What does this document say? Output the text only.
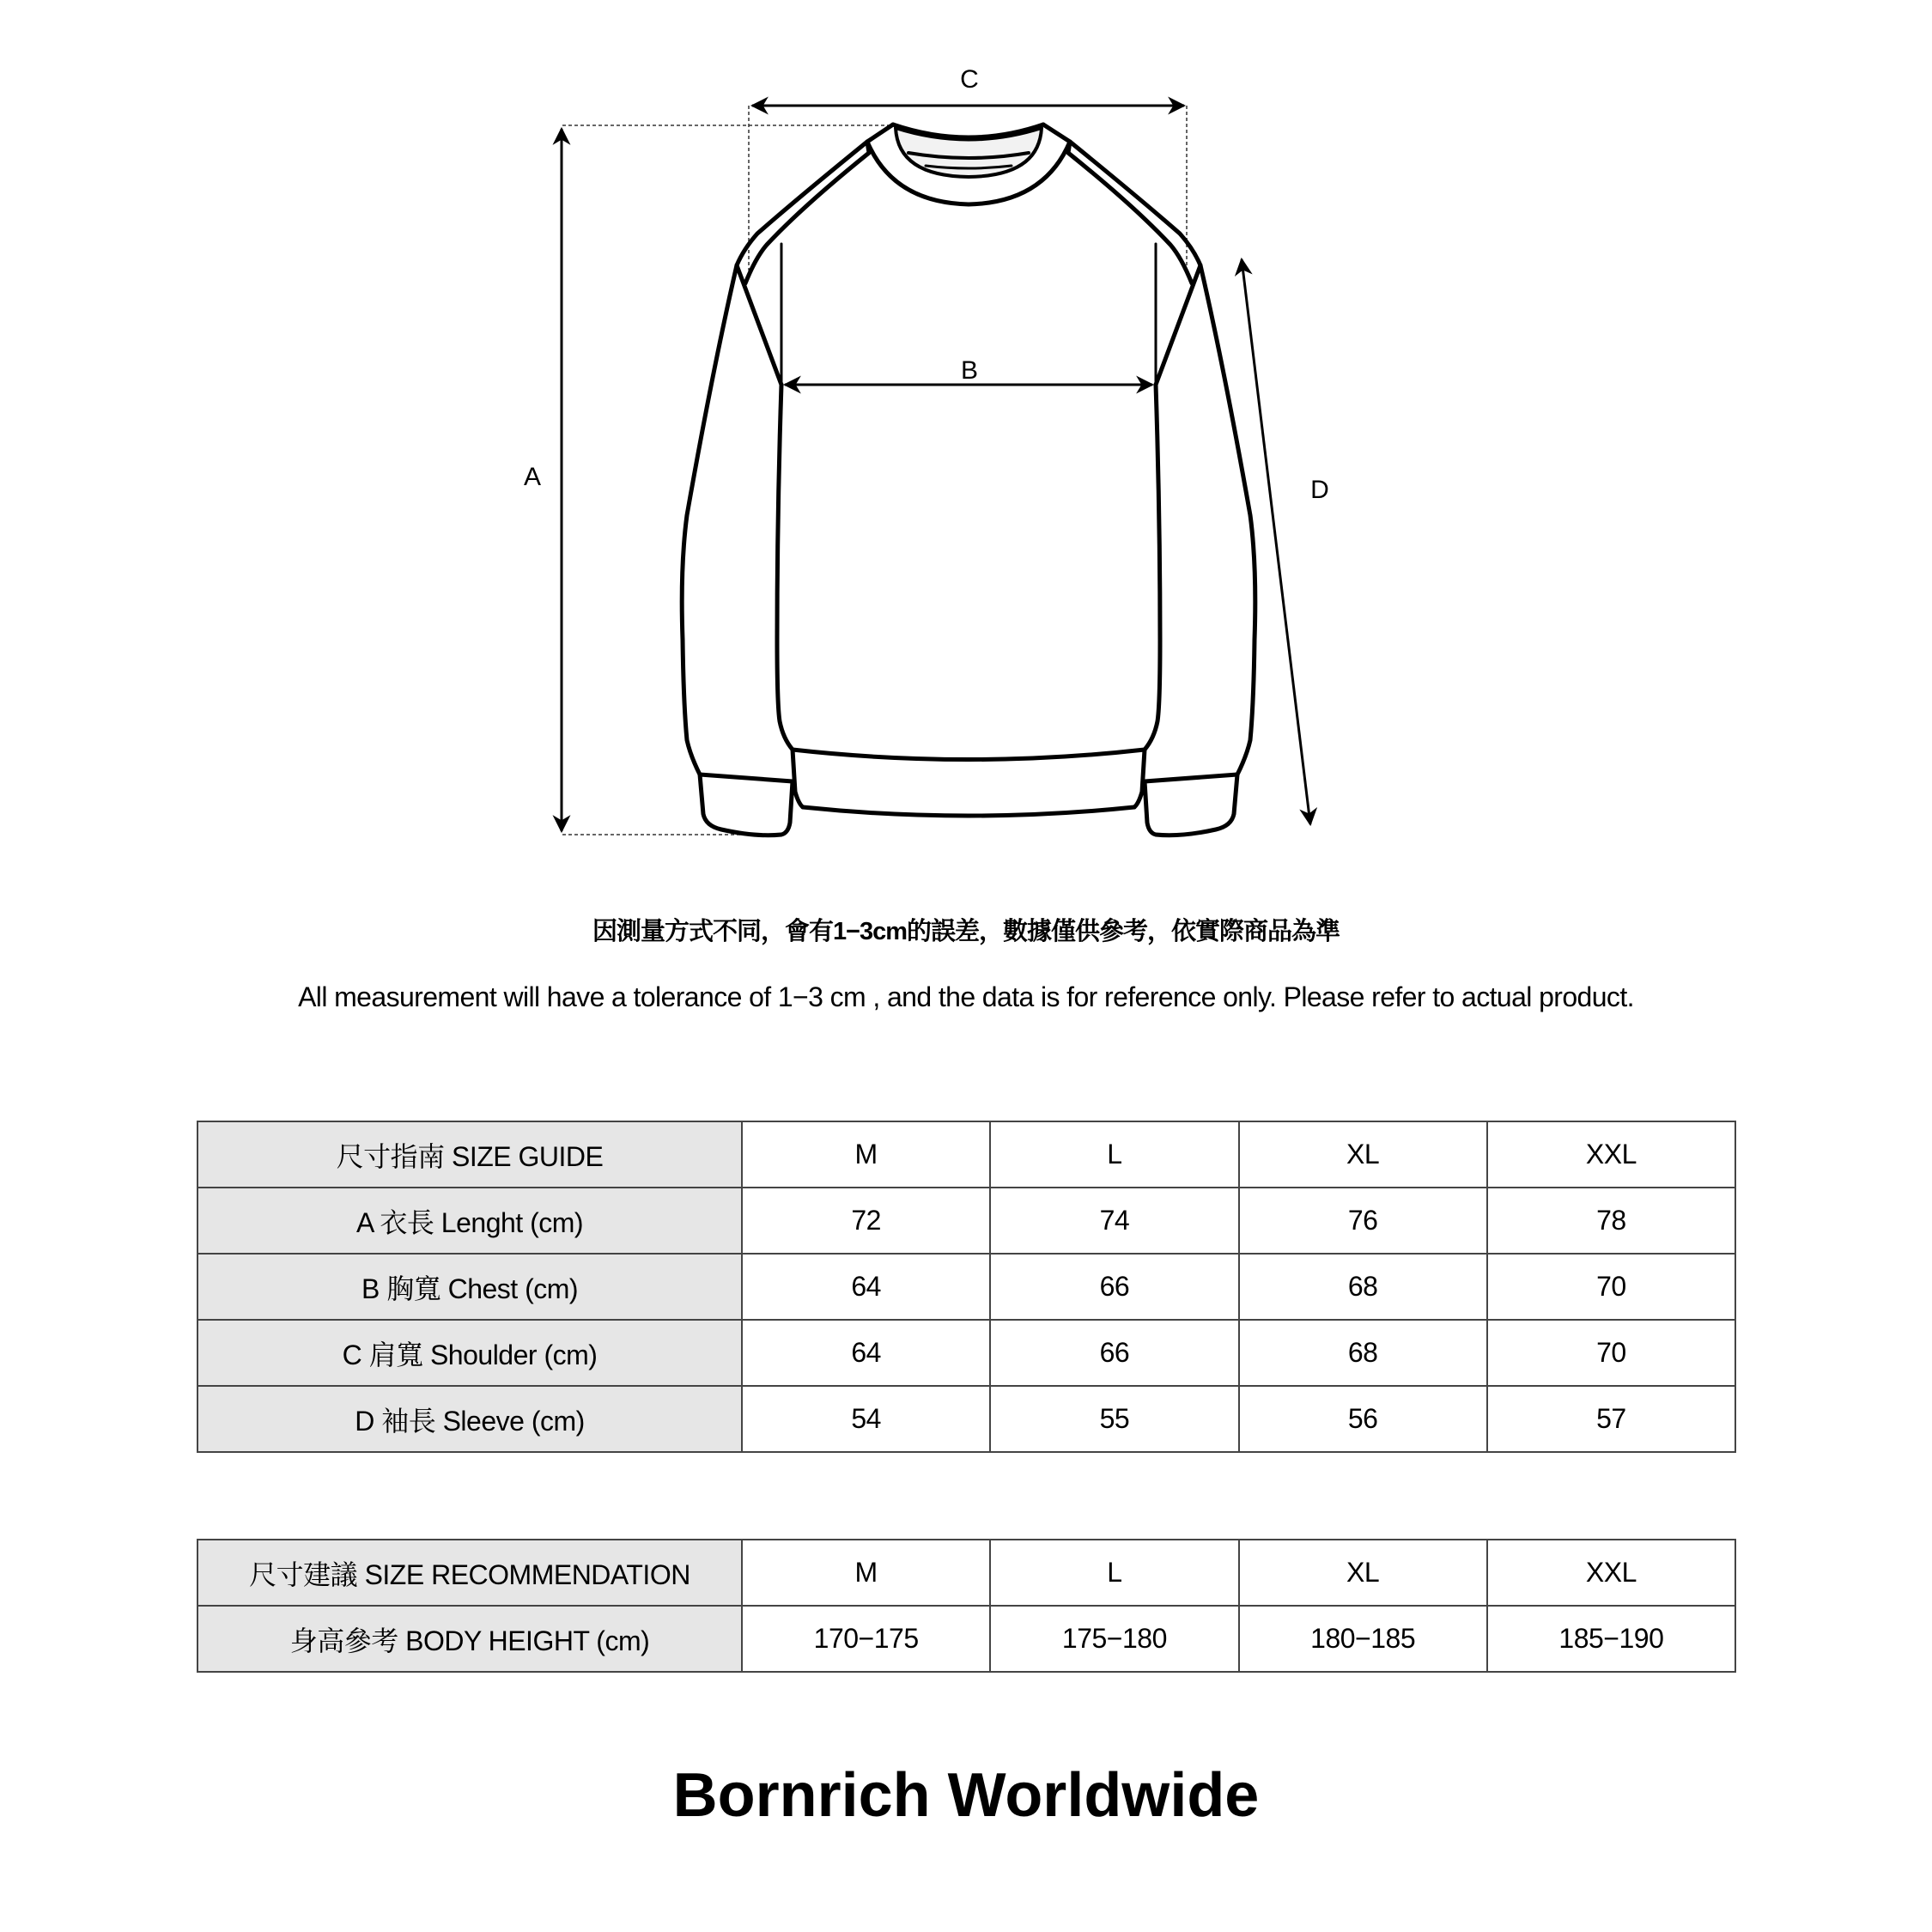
C
B
A	D
因測量方式不同，會有1−3cm的誤差，數據僅供參考，依實際商品為準
All measurement will have a tolerance of 1−3 cm , and the data is for reference only. Please refer to actual product.
尺寸指南 SIZE GUIDE	M	L	XL	XXL
A 衣長 Lenght (cm)	72	74	76	78
B 胸寬 Chest (cm)	64	66	68	70
C 肩寬 Shoulder (cm)	64	66	68	70
D 袖長 Sleeve (cm)	54	55	56	57
尺寸建議 SIZE RECOMMENDATION	M	L	XL	XXL
身高參考 BODY HEIGHT (cm)	170−175	175−180	180−185	185−190
Bornrich Worldwide
